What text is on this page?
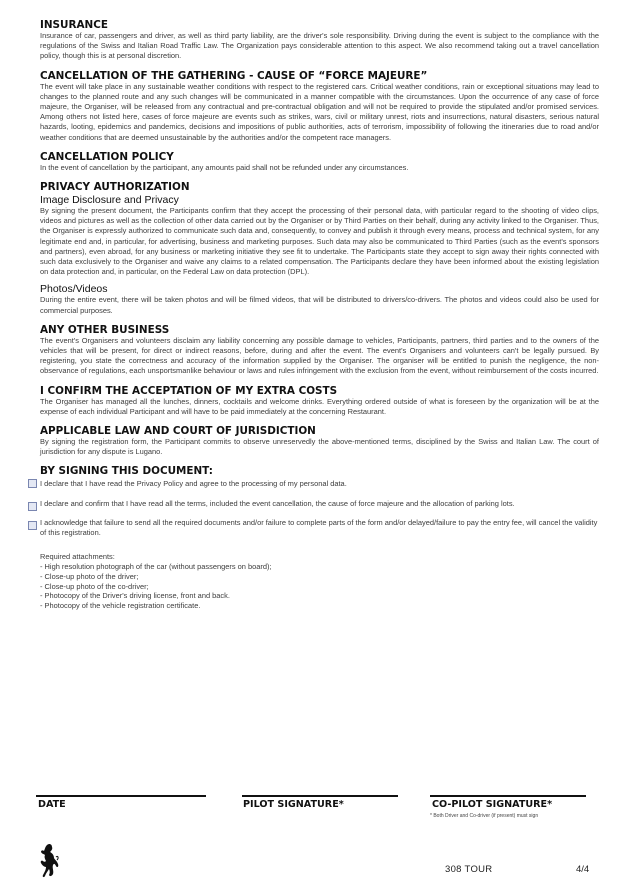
INSURANCE

Insurance of car, passengers and driver, as well as third party liability, are the driver's sole responsibility. Driving during the event is subject to the compliance with the regulations of the Swiss and Italian Road Traffic Law. The Organization pays considerable attention to this aspect. We also recommend taking out a travel cancellation policy, though this is at personal discretion.

CANCELLATION OF THE GATHERING - CAUSE OF “FORCE MAJEURE”

The event will take place in any sustainable weather conditions with respect to the registered cars. Critical weather conditions, rain or exceptional situations may lead to changes to the planned route and any such changes will be communicated in a manner compatible with the circumstances. Upon the occurrence of any case of force majeure, the Organiser, will be released from any contractual and pre-contractual obligation and will not be required to provide the stipulated and/or promised services. Among others not listed here, cases of force majeure are events such as strikes, wars, civil or military unrest, riots and insurrections, natural disasters, serious natural hazards, looting, epidemics and pandemics, decisions and impositions of public authorities, acts of terrorism, impossibility of following the itineraries due to road and/or weather conditions that are deemed unsustainable by the authorities and/or the competent race managers.

CANCELLATION POLICY

In the event of cancellation by the participant, any amounts paid shall not be refunded under any circumstances.

PRIVACY AUTHORIZATION
Image Disclosure and Privacy

By signing the present document, the Participants confirm that they accept the processing of their personal data, with particular regard to the shooting of video clips, videos and pictures as well as the collection of other data carried out by the Organiser or by Third Parties on their behalf, during any activity linked to the Organiser. Thus, the Organiser is expressly authorized to communicate such data and, consequently, to convey and publish it through every means, process and technical system, for any legitimate end and, in particular, for advertising, business and marketing purposes. Such data may also be communicated to Third Parties (such as the event's sponsors and partners), even abroad, for any business or marketing initiative they see fit to undertake. The Participants state they accept to sign away their rights connected with such data exclusively to the Organiser and waive any claims to a related compensation. The Participants declare they have been informed about the existing legislation on data protection and, in particular, on the Federal Law on data protection (DPL).

Photos/Videos

During the entire event, there will be taken photos and will be filmed videos, that will be distributed to drivers/co-drivers. The photos and videos could also be used for commercial purposes.

ANY OTHER BUSINESS

The event's Organisers and volunteers disclaim any liability concerning any possible damage to vehicles, Participants, partners, third parties and to the owners of the vehicles that will be present, for direct or indirect reasons, before, during and after the event. The event's Organisers and volunteers can't be legally pursued. By registering, you state the correctness and accuracy of the information supplied by the Organiser. The organiser will be entitled to punish the negligence, the non-observance of regulations, each unsportsmanlike behaviour or laws and rules infringement with the exclusion from the event, without reimbursement of the costs incurred.

I CONFIRM THE ACCEPTATION OF MY EXTRA COSTS

The Organiser has managed all the lunches, dinners, cocktails and welcome drinks. Everything ordered outside of what is foreseen by the organization will be at the expense of each individual Participant and will have to be paid immediately at the concerning Restaurant.

APPLICABLE LAW AND COURT OF JURISDICTION

By signing the registration form, the Participant commits to observe unreservedly the above-mentioned terms, disciplined by the Swiss and Italian Law. The court of jurisdiction for any dispute is Lugano.

BY SIGNING THIS DOCUMENT:

I declare that I have read the Privacy Policy and agree to the processing of my personal data.

I declare and confirm that I have read all the terms, included the event cancellation, the cause of force majeure and the allocation of parking lots.

I acknowledge that failure to send all the required documents and/or failure to complete parts of the form and/or delayed/failure to pay the entry fee, will cancel the validity of this registration.

Required attachments:

- High resolution photograph of the car (without passengers on board);

- Close-up photo of the driver;

- Close-up photo of the co-driver;

- Photocopy of the Driver's driving license, front and back.

- Photocopy of the vehicle registration certificate.

DATE	PILOT SIGNATURE*	CO-PILOT SIGNATURE*
* Both Driver and Co-driver (if present) must sign
308 TOUR	4/4
